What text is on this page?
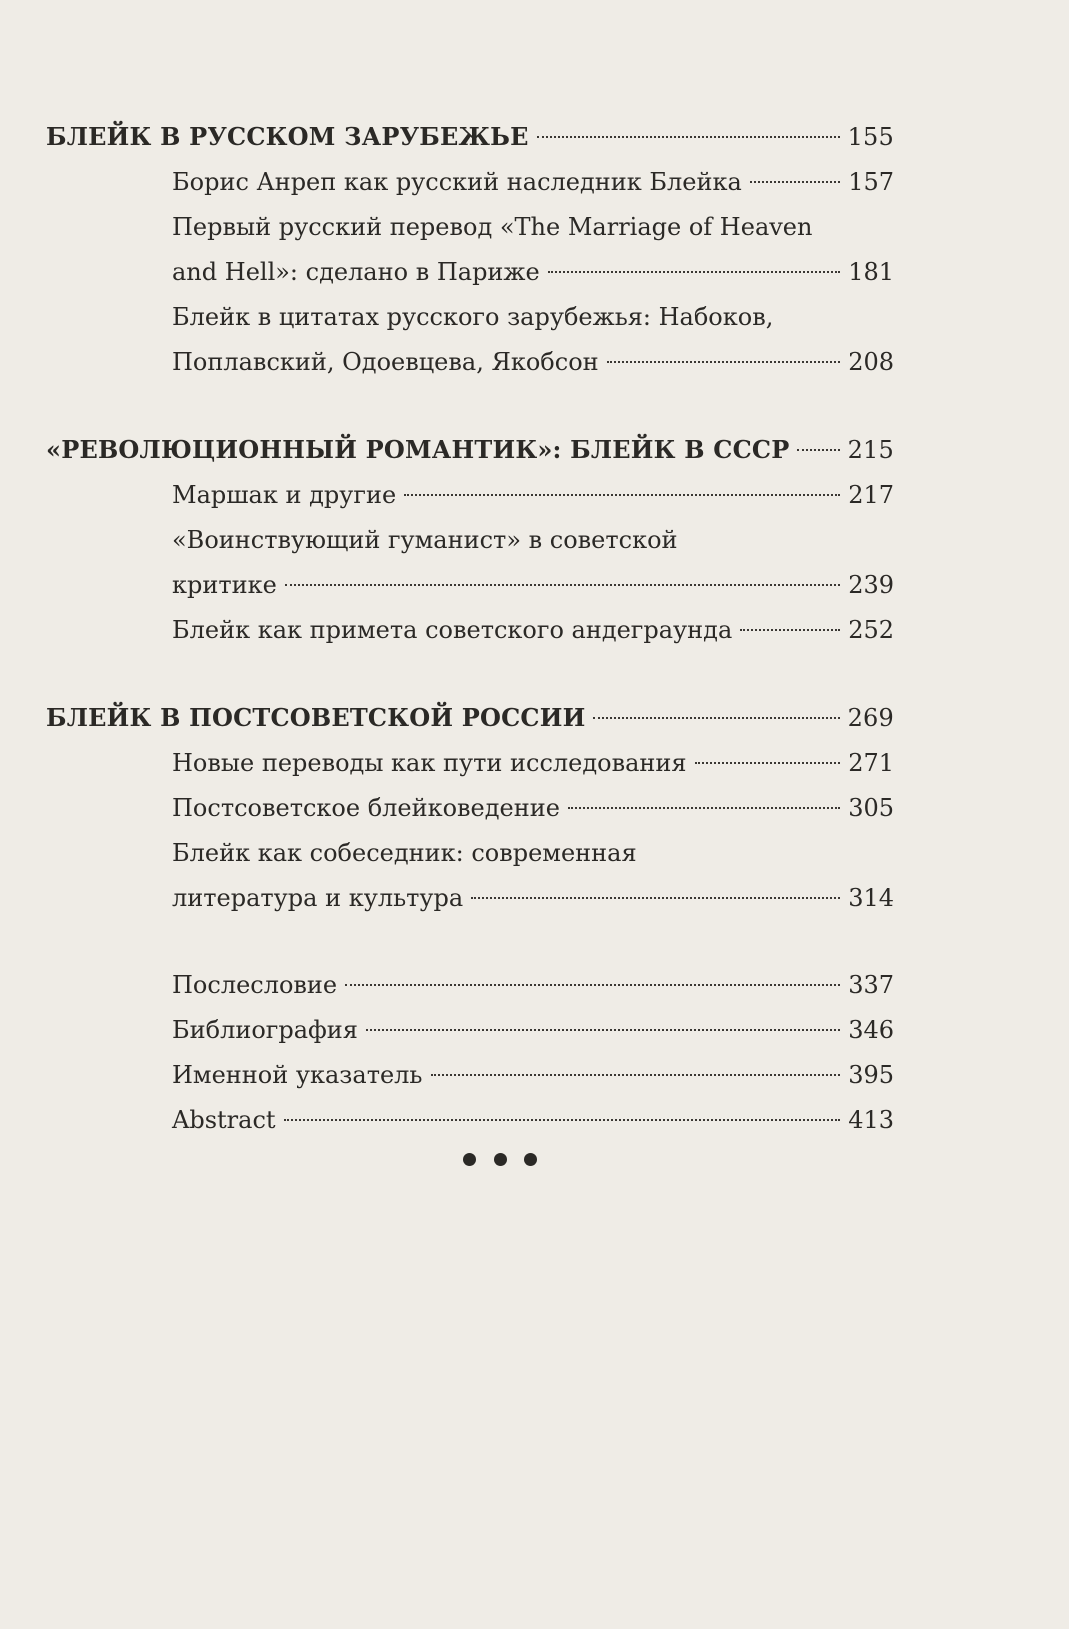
БЛЕЙК В РУССКОМ ЗАРУБЕЖЬЕ	155
Борис Анреп как русский наследник Блейка	157
Первый русский перевод «The Marriage of Heaven
and Hell»: сделано в Париже	181
Блейк в цитатах русского зарубежья: Набоков,
Поплавский, Одоевцева, Якобсон	208
«РЕВОЛЮЦИОННЫЙ РОМАНТИК»: БЛЕЙК В СССР 215
Маршак и другие	217
«Воинствующий гуманист» в советской
критике	239
Блейк как примета советского андеграунда	252
БЛЕЙК В ПОСТСОВЕТСКОЙ РОССИИ	269
Новые переводы как пути исследования	271
Постсоветское блейковедение	305
Блейк как собеседник: современная
литература и культура	314
Послесловие	337
Библиография	346
Именной указатель	395
Abstract	413
